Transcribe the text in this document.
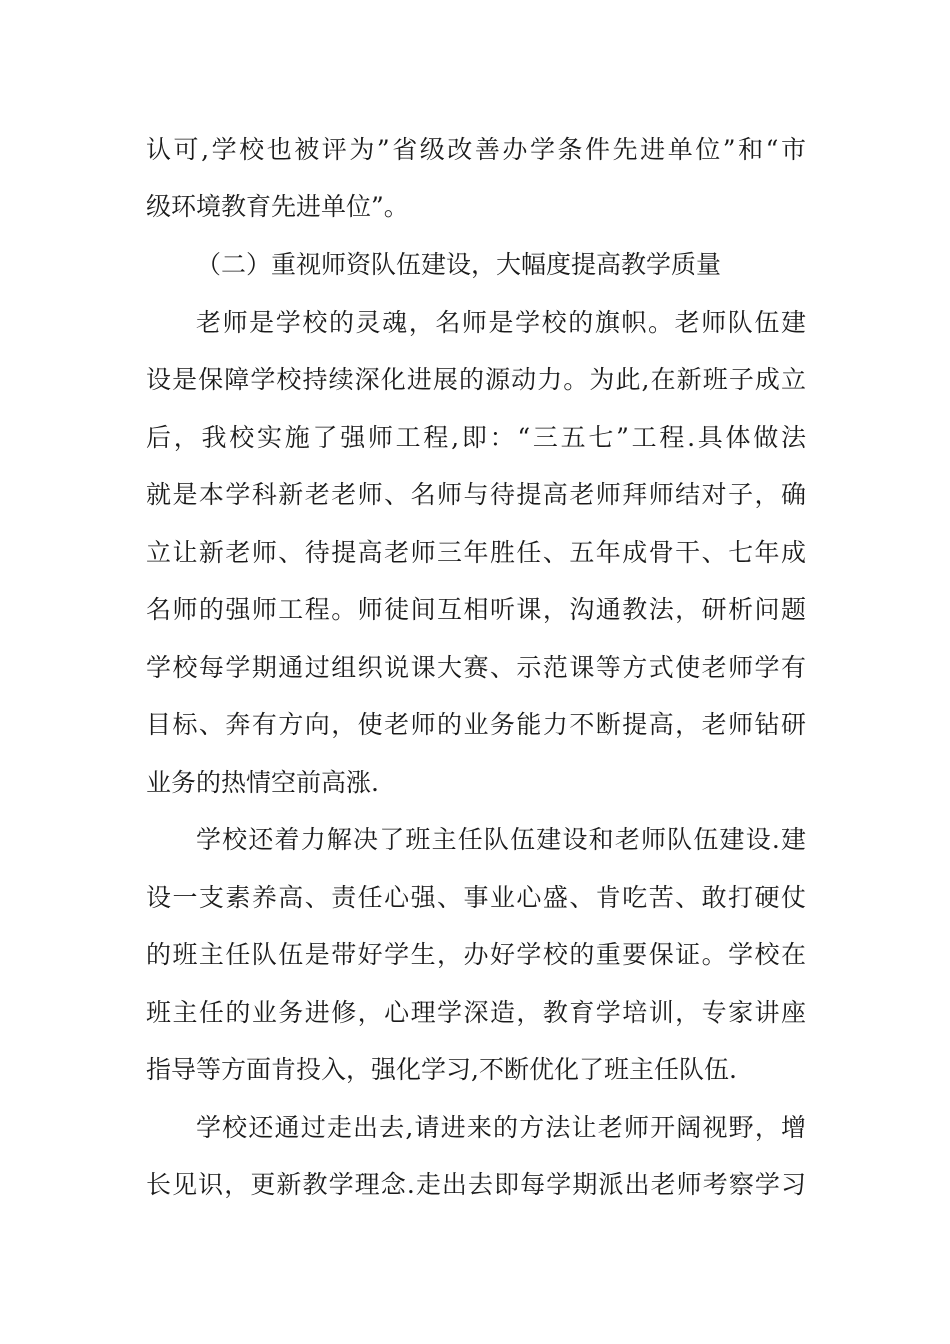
认可,学校也被评为”省级改善办学条件先进单位”和“市
级环境教育先进单位”。
（二）重视师资队伍建设，大幅度提高教学质量
老师是学校的灵魂，名师是学校的旗帜。老师队伍建
设是保障学校持续深化进展的源动力。为此,在新班子成立
后，我校实施了强师工程,即：“三五七”工程.具体做法
就是本学科新老老师、名师与待提高老师拜师结对子，确
立让新老师、待提高老师三年胜任、五年成骨干、七年成
名师的强师工程。师徒间互相听课，沟通教法，研析问题
学校每学期通过组织说课大赛、示范课等方式使老师学有
目标、奔有方向，使老师的业务能力不断提高，老师钻研
业务的热情空前高涨.
学校还着力解决了班主任队伍建设和老师队伍建设.建
设一支素养高、责任心强、事业心盛、肯吃苦、敢打硬仗
的班主任队伍是带好学生，办好学校的重要保证。学校在
班主任的业务进修，心理学深造，教育学培训，专家讲座
指导等方面肯投入，强化学习,不断优化了班主任队伍.
学校还通过走出去,请进来的方法让老师开阔视野，增
长见识，更新教学理念.走出去即每学期派出老师考察学习
